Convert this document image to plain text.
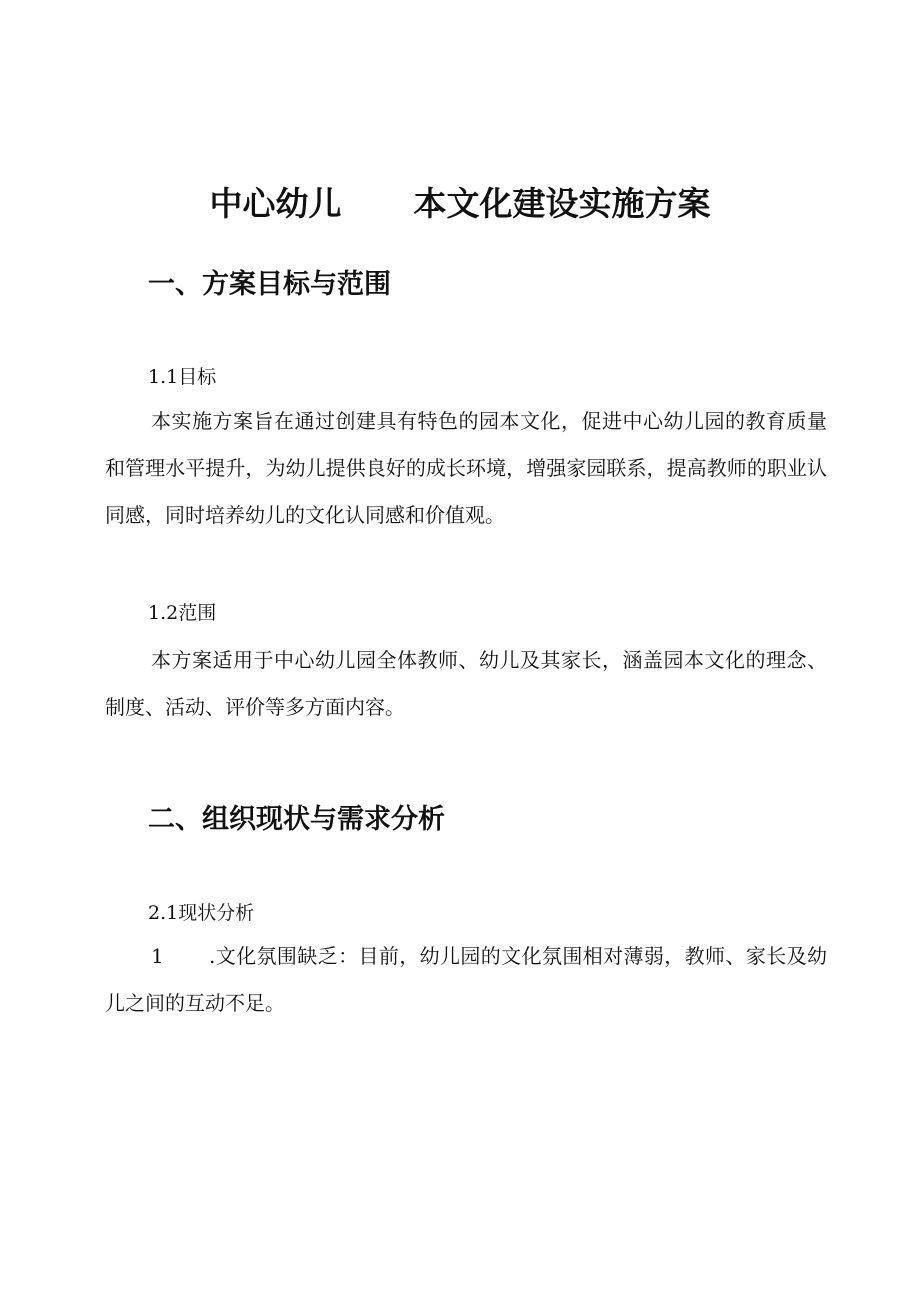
中心幼儿 本文化建设实施方案
一、方案目标与范围
1.1目标

本实施方案旨在通过创建具有特色的园本文化，促进中心幼儿园的教育质量和管理水平提升，为幼儿提供良好的成长环境，增强家园联系，提高教师的职业认同感，同时培养幼儿的文化认同感和价值观。

1.2范围

本方案适用于中心幼儿园全体教师、幼儿及其家长，涵盖园本文化的理念、制度、活动、评价等多方面内容。

二、组织现状与需求分析
2.1现状分析

1 .文化氛围缺乏：目前，幼儿园的文化氛围相对薄弱，教师、家长及幼儿之间的互动不足。
